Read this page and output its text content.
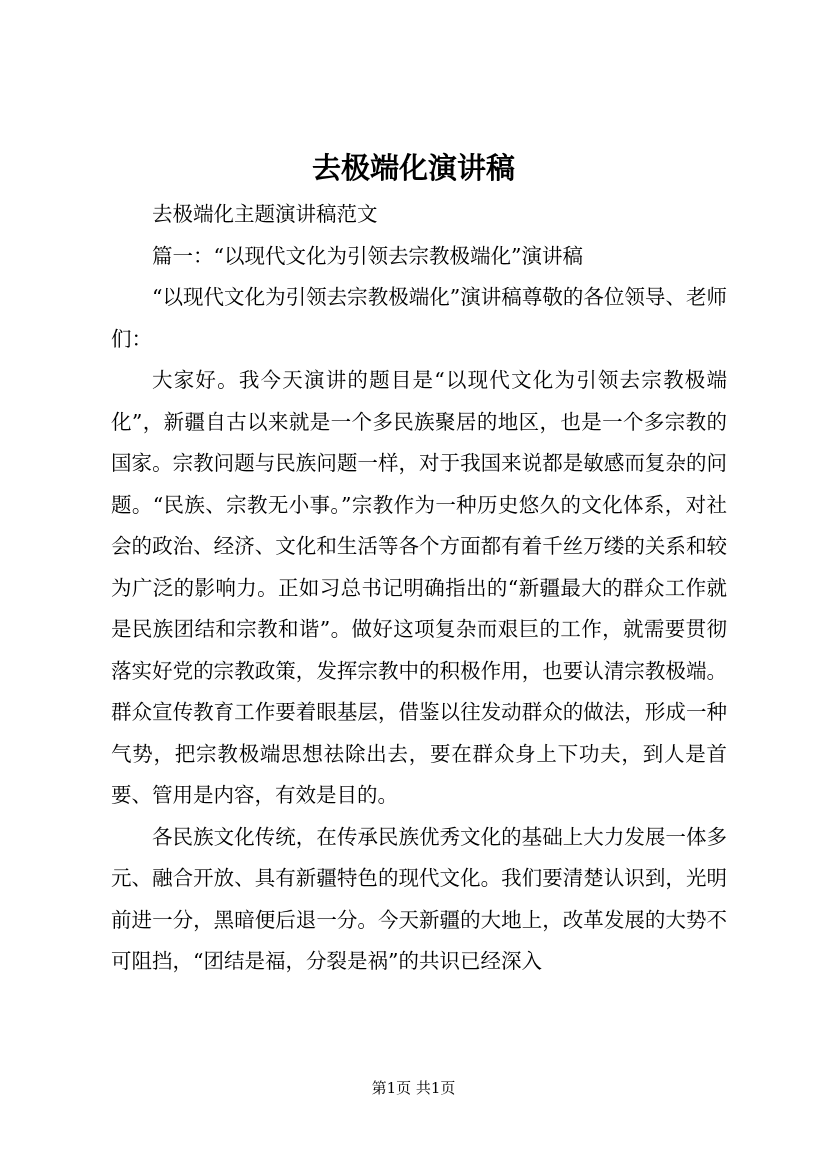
去极端化演讲稿

去极端化主题演讲稿范文

篇一：“以现代文化为引领去宗教极端化”演讲稿

“以现代文化为引领去宗教极端化”演讲稿尊敬的各位领导、老师们：

大家好。我今天演讲的题目是“以现代文化为引领去宗教极端化”，新疆自古以来就是一个多民族聚居的地区，也是一个多宗教的国家。宗教问题与民族问题一样，对于我国来说都是敏感而复杂的问题。“民族、宗教无小事。”宗教作为一种历史悠久的文化体系，对社会的政治、经济、文化和生活等各个方面都有着千丝万缕的关系和较为广泛的影响力。正如习总书记明确指出的“新疆最大的群众工作就是民族团结和宗教和谐”。做好这项复杂而艰巨的工作，就需要贯彻落实好党的宗教政策，发挥宗教中的积极作用，也要认清宗教极端。群众宣传教育工作要着眼基层，借鉴以往发动群众的做法，形成一种气势，把宗教极端思想祛除出去，要在群众身上下功夫，到人是首要、管用是内容，有效是目的。

各民族文化传统，在传承民族优秀文化的基础上大力发展一体多元、融合开放、具有新疆特色的现代文化。我们要清楚认识到，光明前进一分，黑暗便后退一分。今天新疆的大地上，改革发展的大势不可阻挡，“团结是福，分裂是祸”的共识已经深入

第1页 共1页
